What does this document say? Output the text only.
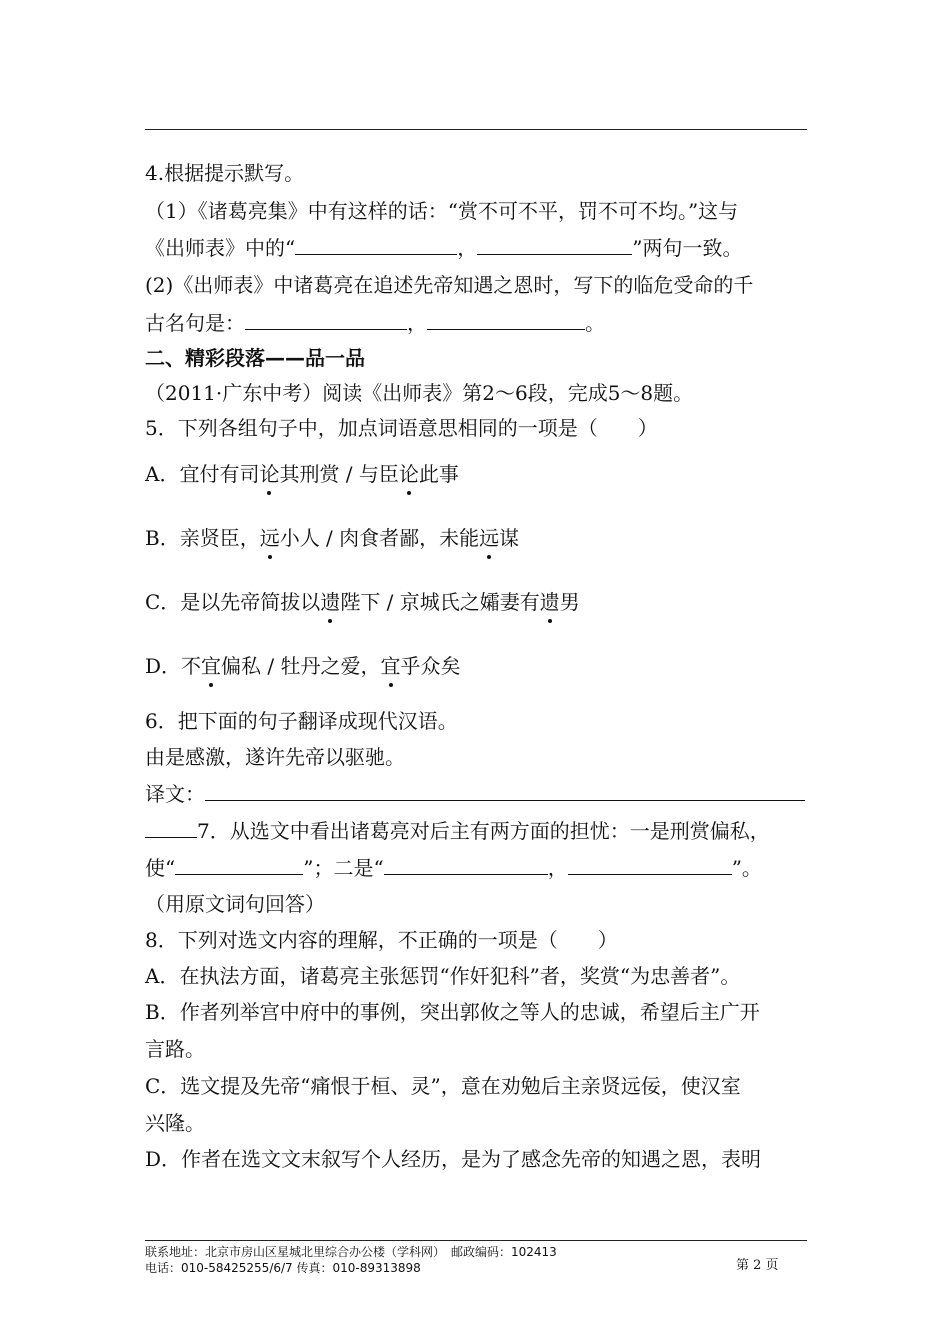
4.根据提示默写。
（1）《诸葛亮集》中有这样的话：“赏不可不平，罚不可不均。”这与
《出师表》中的“	，	”两句一致。
(2)《出师表》中诸葛亮在追述先帝知遇之恩时，写下的临危受命的千
古名句是：	，	。
二、精彩段落——品一品
（2011·广东中考）阅读《出师表》第2～6段，完成5～8题。
5．下列各组句子中，加点词语意思相同的一项是（　　）
A．宜付有司论其刑赏 / 与臣论此事
B．亲贤臣，远小人 / 肉食者鄙，未能远谋
C．是以先帝简拔以遗陛下 / 京城氏之孀妻有遗男
D．不宜偏私 / 牡丹之爱，宜乎众矣
6．把下面的句子翻译成现代汉语。
由是感激，遂许先帝以驱驰。
译文：
7．从选文中看出诸葛亮对后主有两方面的担忧：一是刑赏偏私，
使“	”；二是“	，	”。
（用原文词句回答）
8．下列对选文内容的理解，不正确的一项是（　　）
A．在执法方面，诸葛亮主张惩罚“作奸犯科”者，奖赏“为忠善者”。
B．作者列举宫中府中的事例，突出郭攸之等人的忠诚，希望后主广开
言路。
C．选文提及先帝“痛恨于桓、灵”，意在劝勉后主亲贤远佞，使汉室
兴隆。
D．作者在选文文末叙写个人经历，是为了感念先帝的知遇之恩，表明
联系地址：北京市房山区星城北里综合办公楼（学科网）　邮政编码：102413
电话：010-58425255/6/7 传真：010-89313898	第 2 页
